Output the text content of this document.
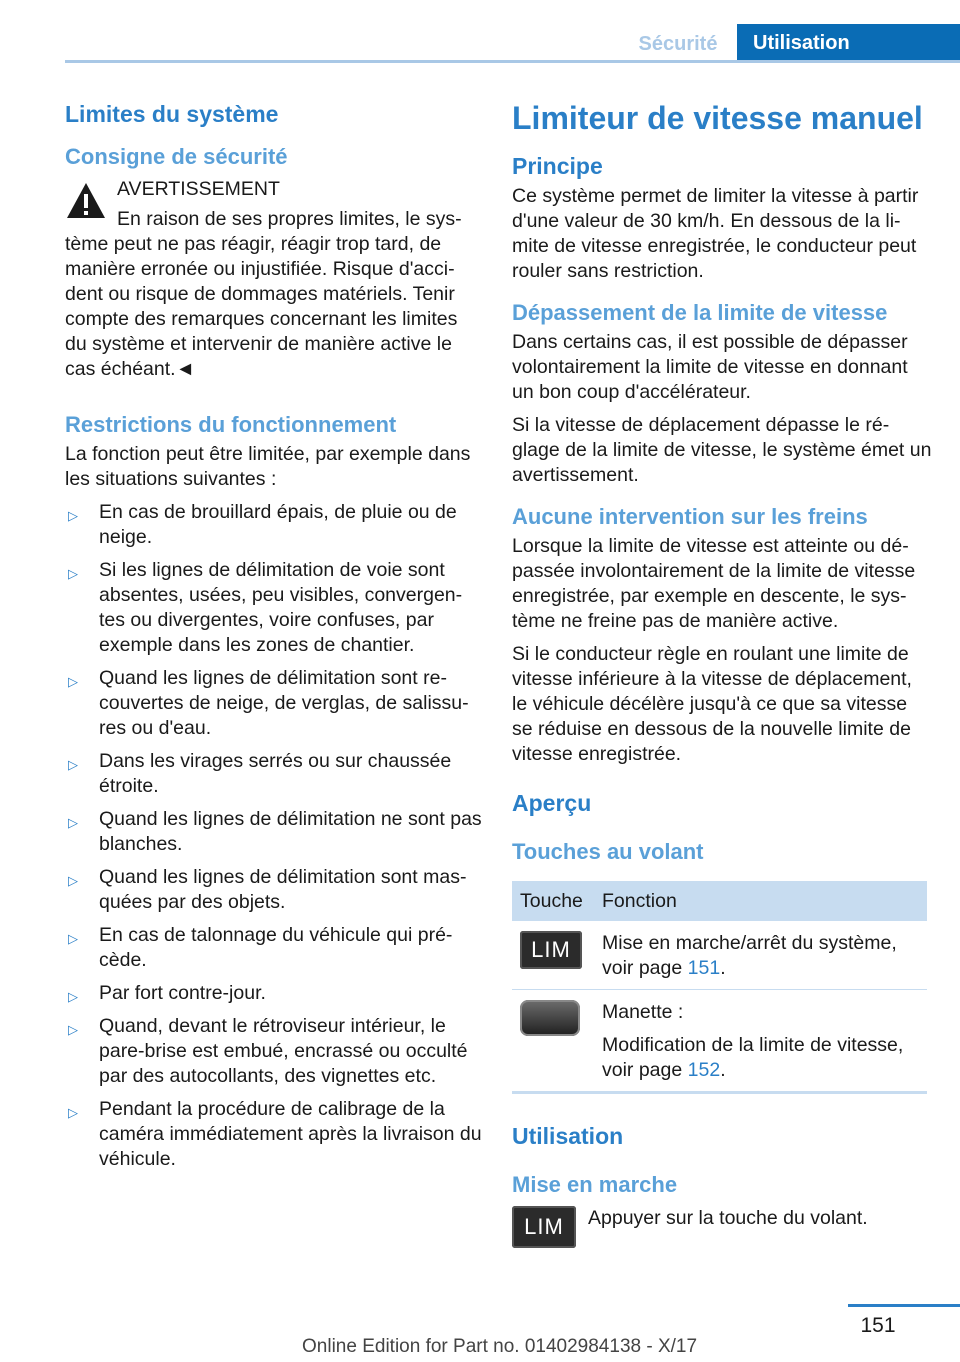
Sécurité	Utilisation
Limites du système
Consigne de sécurité
AVERTISSEMENT

En raison de ses propres limites, le sys-tème peut ne pas réagir, réagir trop tard, de manière erronée ou injustifiée. Risque d'acci-dent ou risque de dommages matériels. Tenir compte des remarques concernant les limites du système et intervenir de manière active le cas échéant.◄

Restrictions du fonctionnement

La fonction peut être limitée, par exemple dans les situations suivantes :

▷ En cas de brouillard épais, de pluie ou de neige.
▷ Si les lignes de délimitation de voie sont absentes, usées, peu visibles, convergen-tes ou divergentes, voire confuses, par exemple dans les zones de chantier.
▷ Quand les lignes de délimitation sont re-couvertes de neige, de verglas, de salissu-res ou d'eau.
▷ Dans les virages serrés ou sur chaussée étroite.
▷ Quand les lignes de délimitation ne sont pas blanches.
▷ Quand les lignes de délimitation sont mas-quées par des objets.
▷ En cas de talonnage du véhicule qui pré-cède.
▷ Par fort contre-jour.
▷ Quand, devant le rétroviseur intérieur, le pare-brise est embué, encrassé ou occulté par des autocollants, des vignettes etc.
▷ Pendant la procédure de calibrage de la caméra immédiatement après la livraison du véhicule.
Limiteur de vitesse manuel
Principe

Ce système permet de limiter la vitesse à partir d'une valeur de 30 km/h. En dessous de la li-mite de vitesse enregistrée, le conducteur peut rouler sans restriction.

Dépassement de la limite de vitesse

Dans certains cas, il est possible de dépasser volontairement la limite de vitesse en donnant un bon coup d'accélérateur.

Si la vitesse de déplacement dépasse le ré-glage de la limite de vitesse, le système émet un avertissement.

Aucune intervention sur les freins

Lorsque la limite de vitesse est atteinte ou dé-passée involontairement de la limite de vitesse enregistrée, par exemple en descente, le sys-tème ne freine pas de manière active.

Si le conducteur règle en roulant une limite de vitesse inférieure à la vitesse de déplacement, le véhicule décélère jusqu'à ce que sa vitesse se réduise en dessous de la nouvelle limite de vitesse enregistrée.

Aperçu
Touches au volant
Touche	Fonction

LIM	Mise en marche/arrêt du système, voir page 151.

	Manette :
Modification de la limite de vitesse, voir page 152.
Utilisation
Mise en marche
LIM	Appuyer sur la touche du volant.

151
Online Edition for Part no. 01402984138 - X/17
